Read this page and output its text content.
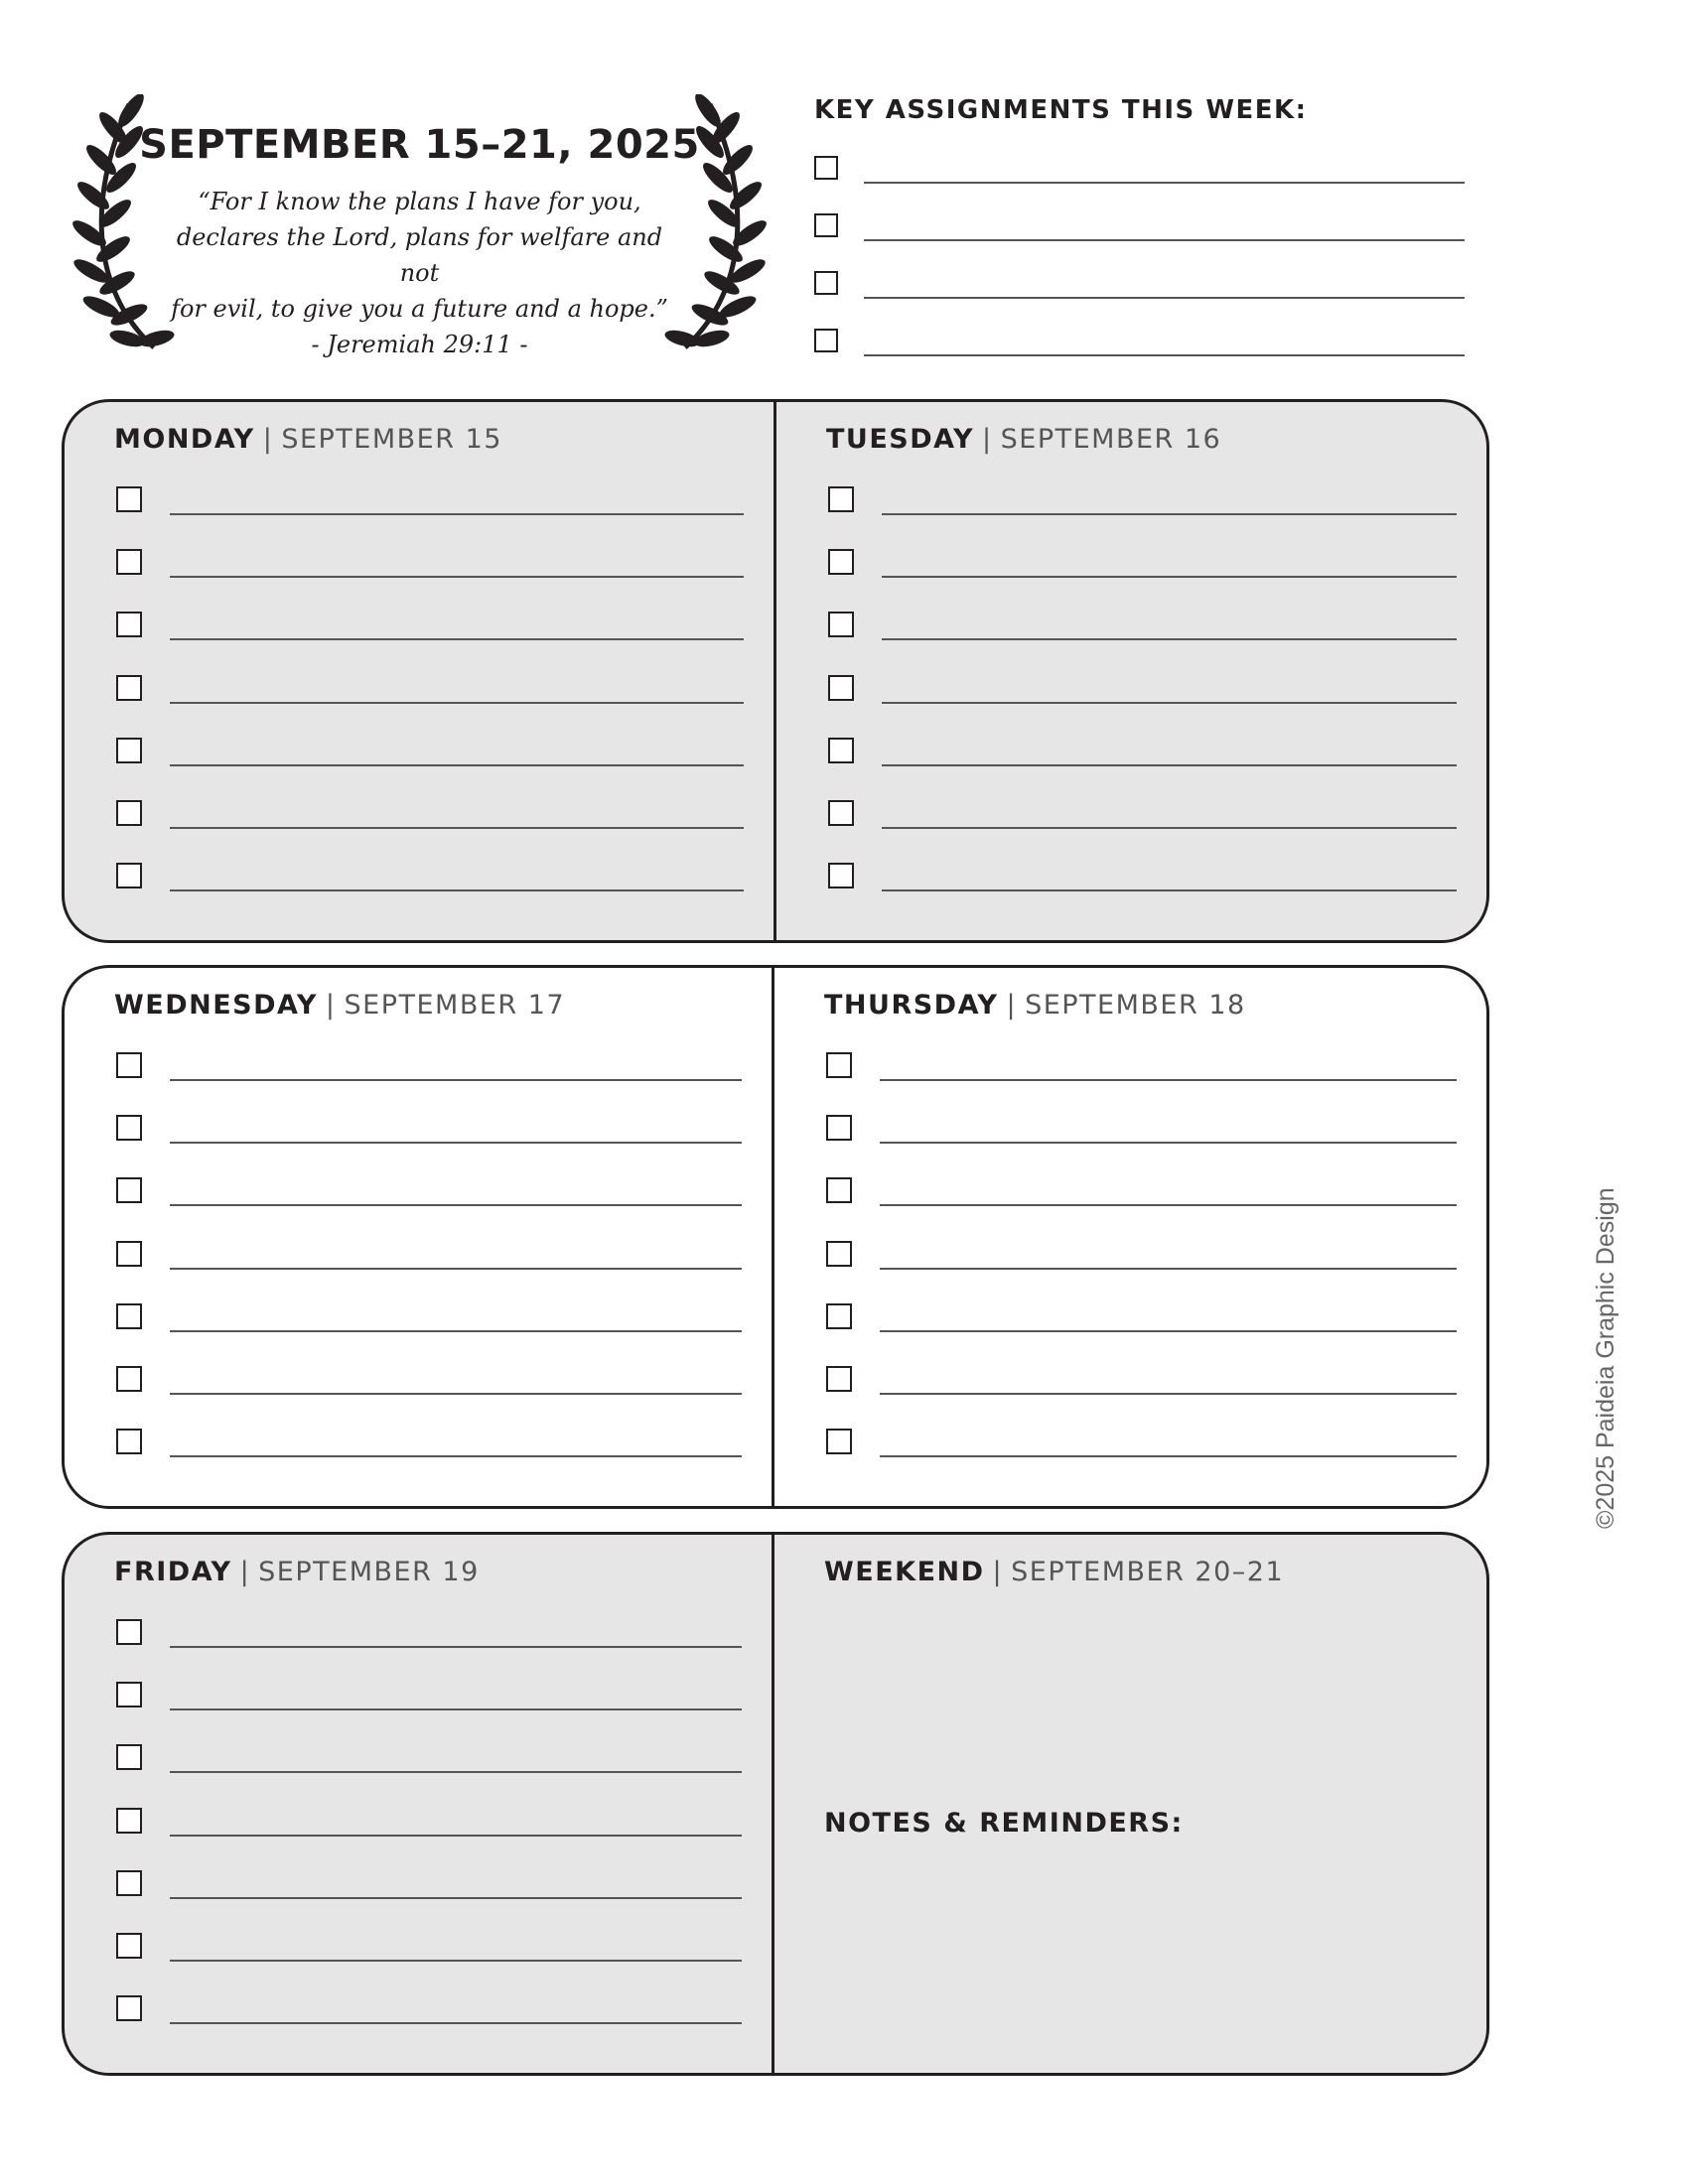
SEPTEMBER 15–21, 2025
“For I know the plans I have for you,
declares the Lord, plans for welfare and not
for evil, to give you a future and a hope.”
- Jeremiah 29:11 -
KEY ASSIGNMENTS THIS WEEK:
MONDAY | SEPTEMBER 15	TUESDAY | SEPTEMBER 16
WEDNESDAY | SEPTEMBER 17	THURSDAY | SEPTEMBER 18
FRIDAY | SEPTEMBER 19	WEEKEND | SEPTEMBER 20–21
NOTES & REMINDERS:
©2025 Paideia Graphic Design
